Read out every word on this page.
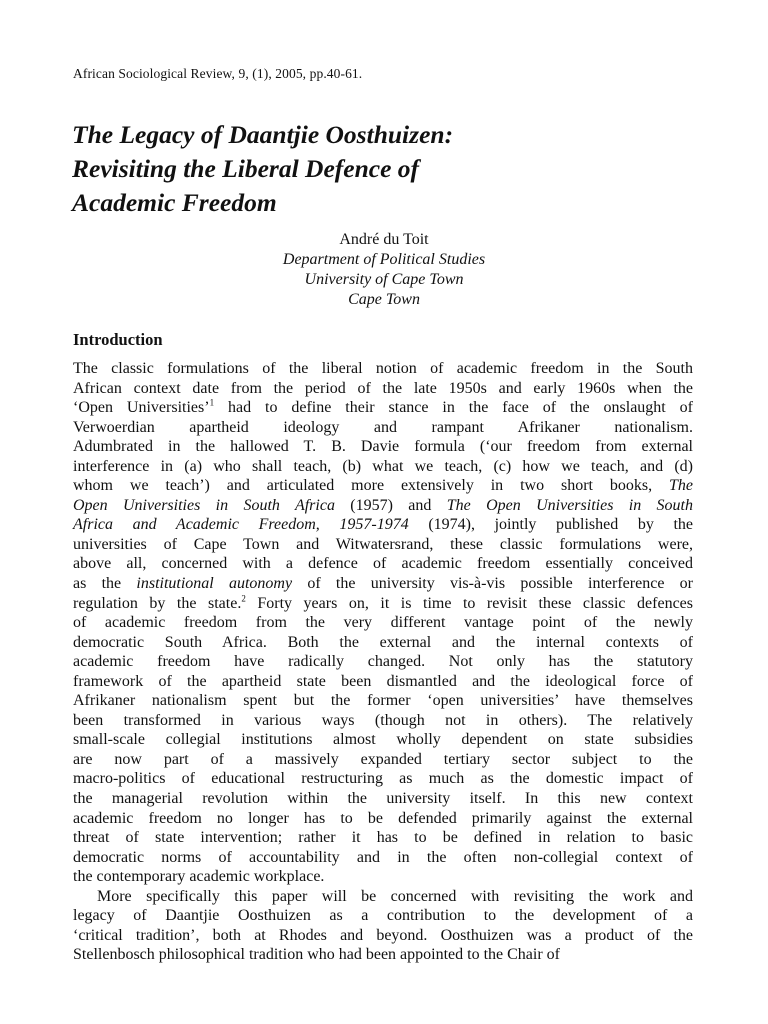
African Sociological Review, 9, (1), 2005, pp.40-61.
The Legacy of Daantjie Oosthuizen:
Revisiting the Liberal Defence of
Academic Freedom
André du Toit
Department of Political Studies
University of Cape Town
Cape Town
Introduction
The classic formulations of the liberal notion of academic freedom in the South
African context date from the period of the late 1950s and early 1960s when the
‘Open Universities’$^1$ had to define their stance in the face of the onslaught of
Verwoerdian apartheid ideology and rampant Afrikaner nationalism.
Adumbrated in the hallowed T. B. Davie formula (‘our freedom from external
interference in (a) who shall teach, (b) what we teach, (c) how we teach, and (d)
whom we teach’) and articulated more extensively in two short books, The
Open Universities in South Africa (1957) and The Open Universities in South
Africa and Academic Freedom, 1957-1974 (1974), jointly published by the
universities of Cape Town and Witwatersrand, these classic formulations were,
above all, concerned with a defence of academic freedom essentially conceived
as the institutional autonomy of the university vis-à-vis possible interference or
regulation by the state.$^2$ Forty years on, it is time to revisit these classic defences
of academic freedom from the very different vantage point of the newly
democratic South Africa. Both the external and the internal contexts of
academic freedom have radically changed. Not only has the statutory
framework of the apartheid state been dismantled and the ideological force of
Afrikaner nationalism spent but the former ‘open universities’ have themselves
been transformed in various ways (though not in others). The relatively
small-scale collegial institutions almost wholly dependent on state subsidies
are now part of a massively expanded tertiary sector subject to the
macro-politics of educational restructuring as much as the domestic impact of
the managerial revolution within the university itself. In this new context
academic freedom no longer has to be defended primarily against the external
threat of state intervention; rather it has to be defined in relation to basic
democratic norms of accountability and in the often non-collegial context of
the contemporary academic workplace.
  More specifically this paper will be concerned with revisiting the work and
legacy of Daantjie Oosthuizen as a contribution to the development of a
‘critical tradition’, both at Rhodes and beyond. Oosthuizen was a product of the
Stellenbosch philosophical tradition who had been appointed to the Chair of
